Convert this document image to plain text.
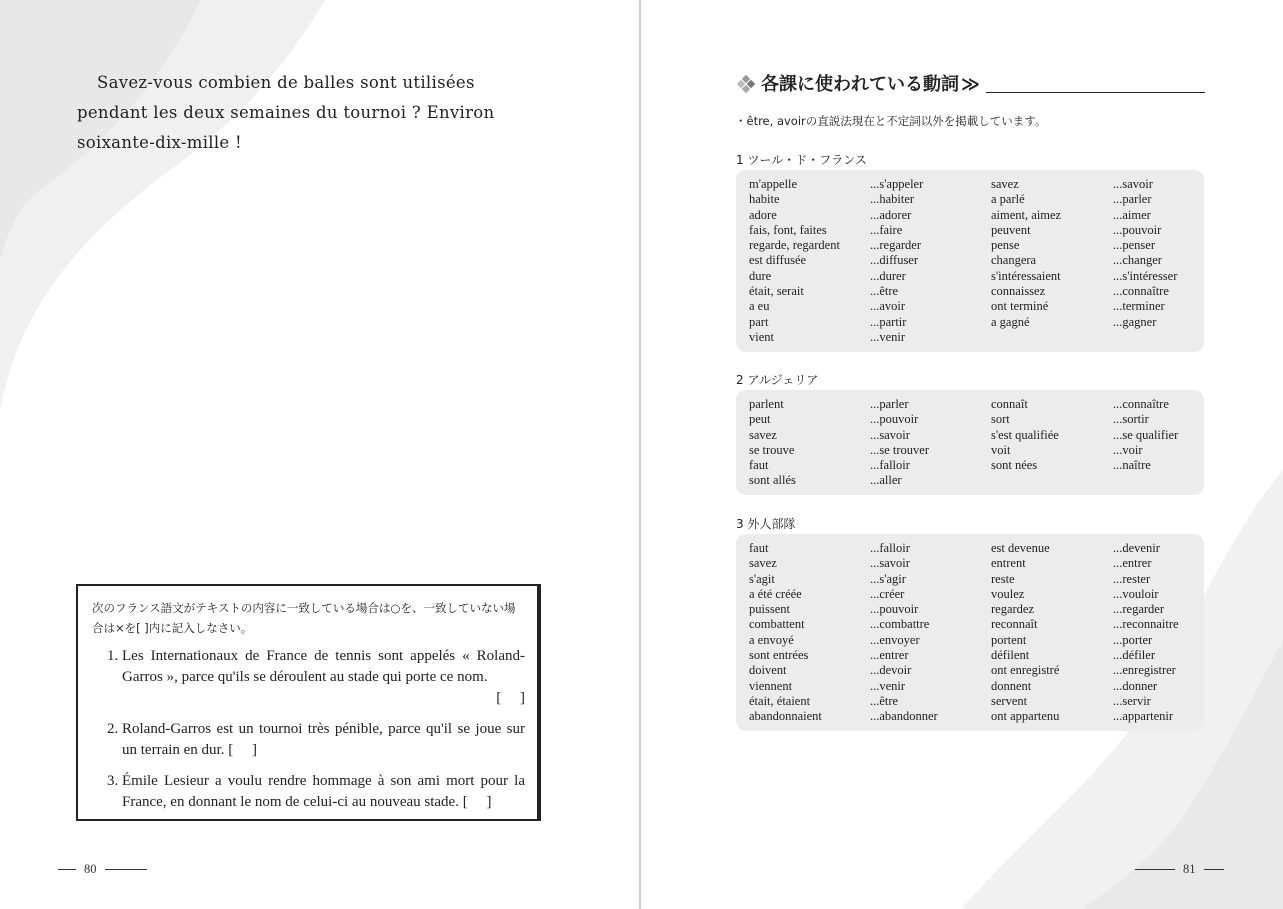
Savez-vous combien de balles sont utilisées pendant les deux semaines du tournoi ? Environ soixante-dix-mille !

次のフランス語文がテキストの内容に一致している場合は○を、一致していない場合は×を[ ]内に記入しなさい。
1. Les Internationaux de France de tennis sont appelés « Roland-Garros », parce qu'ils se déroulent au stade qui porte ce nom.
[　 ]
2. Roland-Garros est un tournoi très pénible, parce qu'il se joue sur un terrain en dur. [　 ]
3. Émile Lesieur a voulu rendre hommage à son ami mort pour la France, en donnant le nom de celui-ci au nouveau stade. [　 ]
80
各課に使われている動詞 ≫
・être, avoirの直説法現在と不定詞以外を掲載しています。
1 ツール・ド・フランス
m'appelle	...s'appeler	savez	...savoir
habite	...habiter	a parlé	...parler
adore	...adorer	aiment, aimez	...aimer
fais, font, faites	...faire	peuvent	...pouvoir
regarde, regardent	...regarder	pense	...penser
est diffusée	...diffuser	changera	...changer
dure	...durer	s'intéressaient	...s'intéresser
était, serait	...être	connaissez	...connaître
a eu	...avoir	ont terminé	...terminer
part	...partir	a gagné	...gagner
vient	...venir
2 アルジェリア
parlent	...parler	connaît	...connaître
peut	...pouvoir	sort	...sortir
savez	...savoir	s'est qualifiée	...se qualifier
se trouve	...se trouver	voit	...voir
faut	...falloir	sont nées	...naître
sont allés	...aller
3 外人部隊
faut	...falloir	est devenue	...devenir
savez	...savoir	entrent	...entrer
s'agit	...s'agir	reste	...rester
a été créée	...créer	voulez	...vouloir
puissent	...pouvoir	regardez	...regarder
combattent	...combattre	reconnaît	...reconnaitre
a envoyé	...envoyer	portent	...porter
sont entrées	...entrer	défilent	...défiler
doivent	...devoir	ont enregistré	...enregistrer
viennent	...venir	donnent	...donner
était, étaient	...être	servent	...servir
abandonnaient	...abandonner	ont appartenu	...appartenir
81
